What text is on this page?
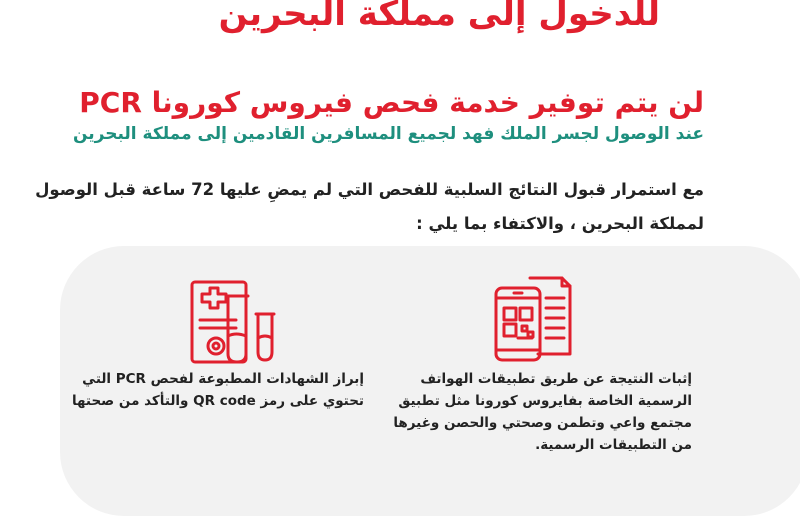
للدخول إلى مملكة البحرين
لن يتم توفير خدمة فحص فيروس كورونا PCR
عند الوصول لجسر الملك فهد لجميع المسافرين القادمين إلى مملكة البحرين
مع استمرار قبول النتائج السلبية للفحص التي لم يمضِ عليها 72 ساعة قبل الوصول
لمملكة البحرين ، والاكتفاء بما يلي :

إثبات النتيجة عن طريق تطبيقات الهواتف

الرسمية الخاصة بفايروس كورونا مثل تطبيق

مجتمع واعي وتطمن وصحتي والحصن وغيرها

من التطبيقات الرسمية.

إبراز الشهادات المطبوعة لفحص PCR التي

تحتوي على رمز QR code والتأكد من صحتها
